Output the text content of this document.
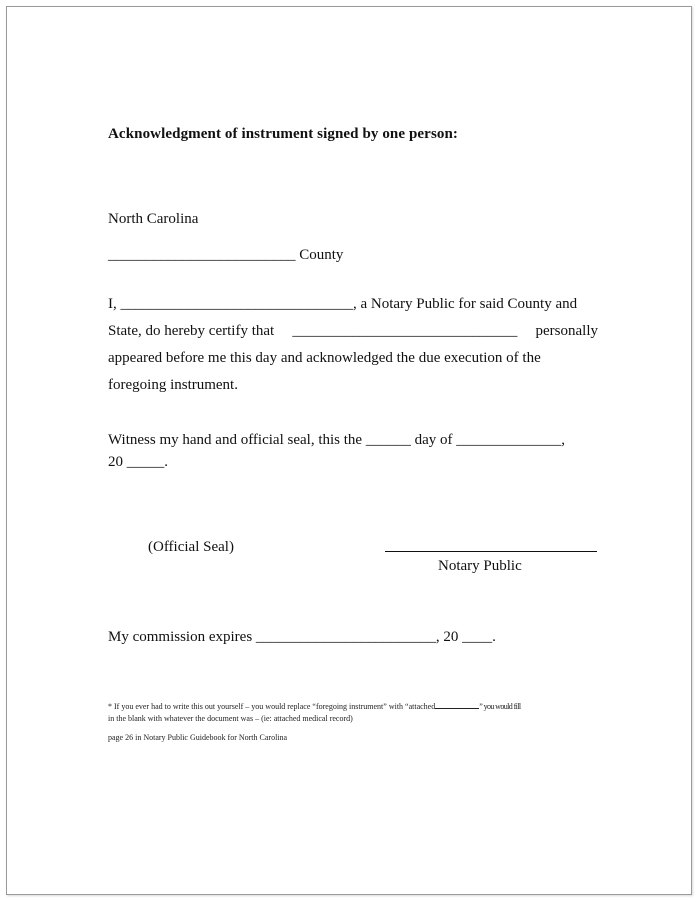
Acknowledgment of instrument signed by one person:
North Carolina
_________________________ County
I, _______________________________, a Notary Public for said County and
State, do hereby certify that ______________________________ personally
appeared before me this day and acknowledged the due execution of the
foregoing instrument.
Witness my hand and official seal, this the ______ day of ______________,
20 _____.
(Official Seal)
Notary Public
My commission expires ________________________, 20 ____.
* If you ever had to write this out yourself – you would replace “foregoing instrument” with “attached	” you would fill
in the blank with whatever the document was – (ie: attached medical record)
page 26 in Notary Public Guidebook for North Carolina
